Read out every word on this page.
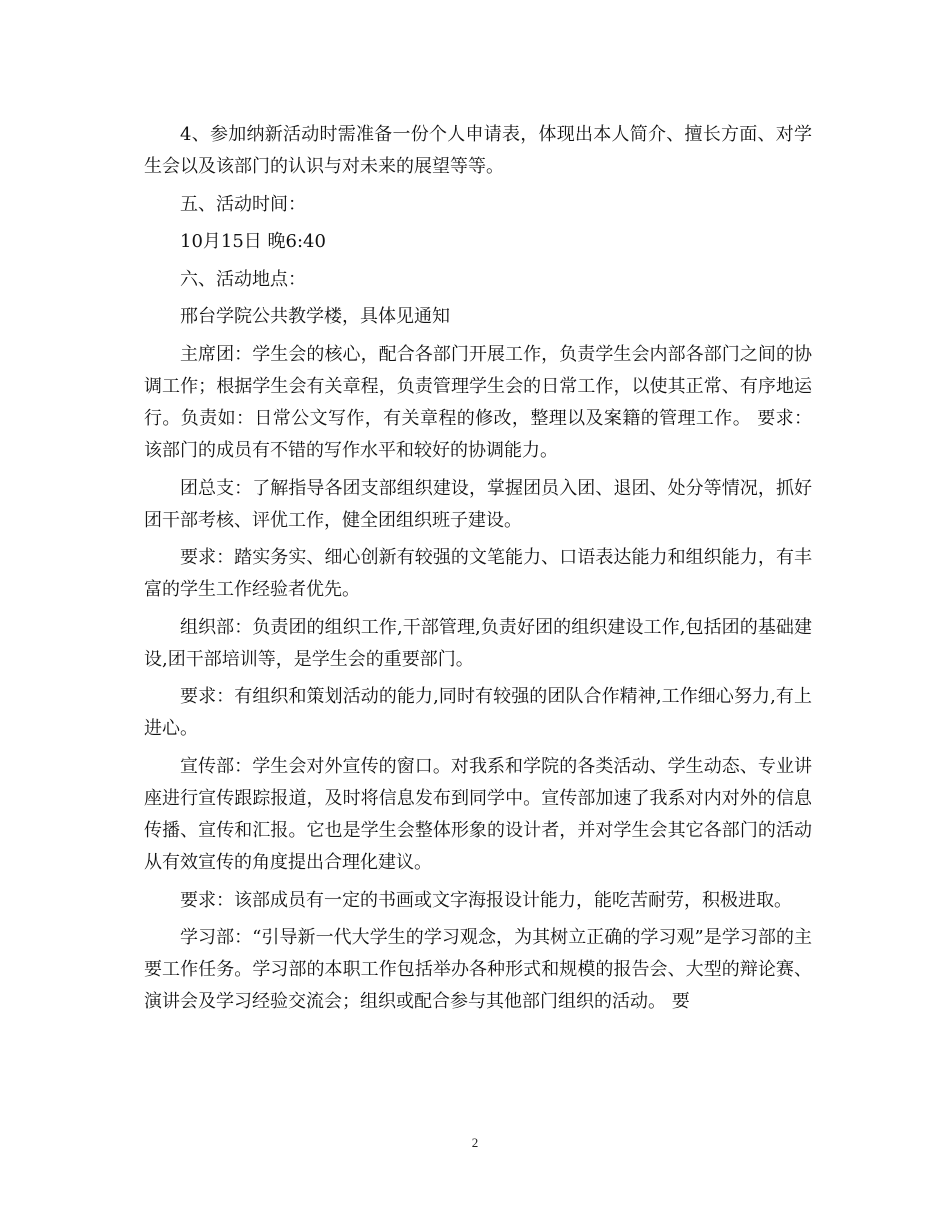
4、参加纳新活动时需准备一份个人申请表，体现出本人简介、擅长方面、对学生会以及该部门的认识与对未来的展望等等。

五、活动时间：

10月15日 晚6:40

六、活动地点：

邢台学院公共教学楼，具体见通知

主席团：学生会的核心，配合各部门开展工作，负责学生会内部各部门之间的协调工作；根据学生会有关章程，负责管理学生会的日常工作，以使其正常、有序地运行。负责如：日常公文写作，有关章程的修改，整理以及案籍的管理工作。 要求：该部门的成员有不错的写作水平和较好的协调能力。

团总支：了解指导各团支部组织建设，掌握团员入团、退团、处分等情况，抓好团干部考核、评优工作，健全团组织班子建设。

要求：踏实务实、细心创新有较强的文笔能力、口语表达能力和组织能力，有丰富的学生工作经验者优先。

组织部：负责团的组织工作,干部管理,负责好团的组织建设工作,包括团的基础建设,团干部培训等，是学生会的重要部门。

要求：有组织和策划活动的能力,同时有较强的团队合作精神,工作细心努力,有上进心。

宣传部：学生会对外宣传的窗口。对我系和学院的各类活动、学生动态、专业讲座进行宣传跟踪报道，及时将信息发布到同学中。宣传部加速了我系对内对外的信息传播、宣传和汇报。它也是学生会整体形象的设计者，并对学生会其它各部门的活动从有效宣传的角度提出合理化建议。

要求：该部成员有一定的书画或文字海报设计能力，能吃苦耐劳，积极进取。

学习部：“引导新一代大学生的学习观念，为其树立正确的学习观”是学习部的主要工作任务。学习部的本职工作包括举办各种形式和规模的报告会、大型的辩论赛、演讲会及学习经验交流会；组织或配合参与其他部门组织的活动。 要

2
